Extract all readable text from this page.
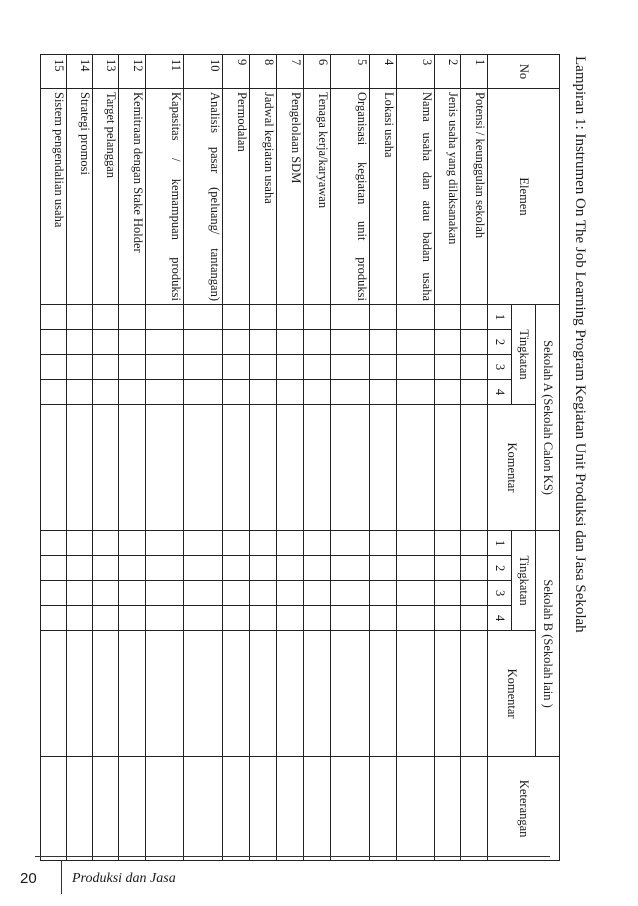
Lampiran 1: Instrumen On The Job Learning Program Kegiatan Unit Produksi dan Jasa Sekolah
No	Elemen	Sekolah A (Sekolah Calon KS)					Sekolah B (Sekolah lain )					Keterangan
		Tingkatan				Komentar	Tingkatan				Komentar	
		1	2	3	4		1	2	3	4		
1	Potensi / keunggulan sekolah											
2	Jenis usaha yang dilaksanakan											
3	Nama usaha dan atau badan usaha											
4	Lokasi usaha											
5	Organisasi kegiatan unit produksi											
6	Tenaga kerja/karyawan											
7	Pengelolaan SDM											
8	Jadwal kegiatan usaha											
9	Permodalan											
10	Analisis pasar (peluang/ tantangan)											
11	Kapasitas / kemampuan produksi											
12	Kemitraan dengan Stake Holder											
13	Target pelanggan											
14	Strategi promosi											
15	Sistem pengendalian usaha											
20	Produksi dan Jasa
